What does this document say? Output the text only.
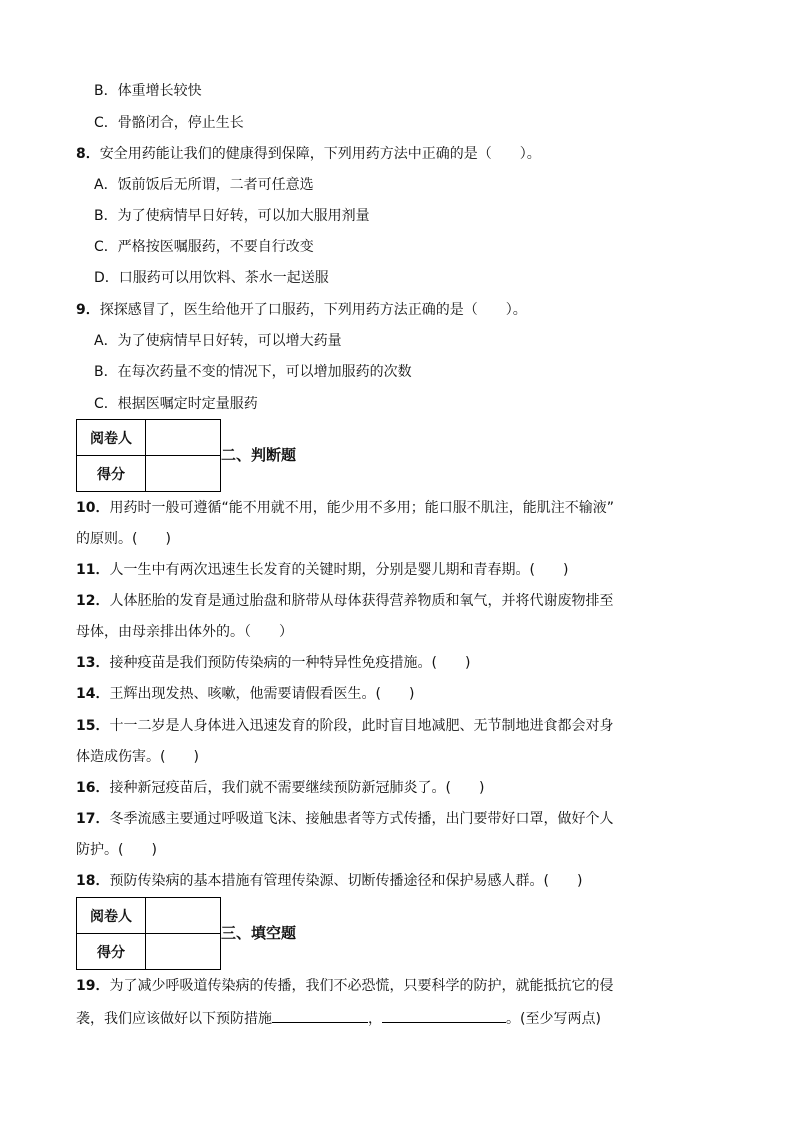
B．体重增长较快
C．骨骼闭合，停止生长
8．安全用药能让我们的健康得到保障，下列用药方法中正确的是（　　）。
A．饭前饭后无所谓，二者可任意选
B．为了使病情早日好转，可以加大服用剂量
C．严格按医嘱服药，不要自行改变
D．口服药可以用饮料、茶水一起送服
9．探探感冒了，医生给他开了口服药，下列用药方法正确的是（　　）。
A．为了使病情早日好转，可以增大药量
B．在每次药量不变的情况下，可以增加服药的次数
C．根据医嘱定时定量服药
阅卷人	
得分	
二、判断题
10．用药时一般可遵循“能不用就不用，能少用不多用；能口服不肌注，能肌注不输液”
的原则。(　　)
11．人一生中有两次迅速生长发育的关键时期，分别是婴儿期和青春期。(　　)
12．人体胚胎的发育是通过胎盘和脐带从母体获得营养物质和氧气，并将代谢废物排至
母体，由母亲排出体外的。（　　）
13．接种疫苗是我们预防传染病的一种特异性免疫措施。(　　)
14．王辉出现发热、咳嗽，他需要请假看医生。(　　)
15．十一二岁是人身体进入迅速发育的阶段，此时盲目地减肥、无节制地进食都会对身
体造成伤害。(　　)
16．接种新冠疫苗后，我们就不需要继续预防新冠肺炎了。(　　)
17．冬季流感主要通过呼吸道飞沫、接触患者等方式传播，出门要带好口罩，做好个人
防护。(　　)
18．预防传染病的基本措施有管理传染源、切断传播途径和保护易感人群。(　　)
阅卷人	
得分	
三、填空题
19．为了减少呼吸道传染病的传播，我们不必恐慌，只要科学的防护，就能抵抗它的侵
袭，我们应该做好以下预防措施	，	。(至少写两点)
